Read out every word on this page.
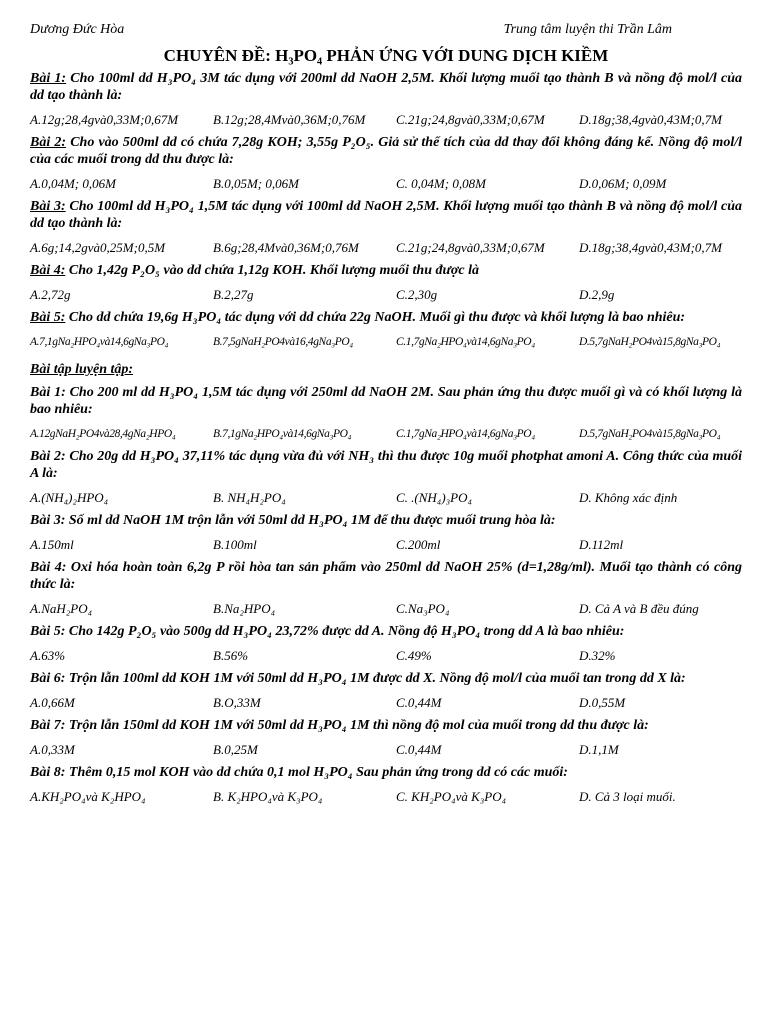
Dương Đức Hòa	Trung tâm luyện thi Trần Lâm
CHUYÊN ĐỀ: H₃PO₄ PHẢN ỨNG VỚI DUNG DỊCH KIỀM
Bài 1: Cho 100ml dd H₃PO₄ 3M tác dụng với 200ml dd NaOH 2,5M. Khối lượng muối tạo thành B và nồng độ mol/l của dd tạo thành là:
A.12g;28,4gvà0,33M;0,67M	B.12g;28,4Mvà0,36M;0,76M	C.21g;24,8gvà0,33M;0,67M	D.18g;38,4gvà0,43M;0,7M
Bài 2: Cho vào 500ml dd có chứa 7,28g KOH; 3,55g P₂O₅. Giả sử thể tích của dd thay đổi không đáng kể. Nồng độ mol/l của các muối trong dd thu được là:
A.0,04M; 0,06M	B.0,05M; 0,06M	C. 0,04M; 0,08M	D.0,06M; 0,09M
Bài 3: Cho 100ml dd H₃PO₄ 1,5M tác dụng với 100ml dd NaOH 2,5M. Khối lượng muối tạo thành B và nồng độ mol/l của dd tạo thành là:
A.6g;14,2gvà0,25M;0,5M	B.6g;28,4Mvà0,36M;0,76M	C.21g;24,8gvà0,33M;0,67M	D.18g;38,4gvà0,43M;0,7M
Bài 4: Cho 1,42g P₂O₅ vào dd chứa 1,12g KOH. Khối lượng muối thu được là
A.2,72g	B.2,27g	C.2,30g	D.2,9g
Bài 5: Cho dd chứa 19,6g H₃PO₄ tác dụng với dd chứa 22g NaOH. Muối gì thu được và khối lượng là bao nhiêu:
A.7,1gNa₂HPO₄và14,6gNa₃PO₄	B.7,5gNaH₂PO4và16,4gNa₃PO₄	C.1,7gNa₂HPO₄và14,6gNa₃PO₄	D.5,7gNaH₂PO4và15,8gNa₃PO₄
Bài tập luyện tập:
Bài 1: Cho 200 ml dd H₃PO₄ 1,5M tác dụng với 250ml dd NaOH 2M. Sau phản ứng thu được muối gì và có khối lượng là bao nhiêu:
A.12gNaH₂PO4và28,4gNa₂HPO₄	B.7,1gNa₂HPO₄và14,6gNa₃PO₄	C.1,7gNa₂HPO₄và14,6gNa₃PO₄	D.5,7gNaH₂PO4và15,8gNa₃PO₄
Bài 2: Cho 20g dd H₃PO₄ 37,11% tác dụng vừa đủ với NH₃ thì thu được 10g muối photphat amoni A. Công thức của muối A là:
A.(NH₄)₂HPO₄	B. NH₄H₂PO₄	C. .(NH₄)₃PO₄	D. Không xác định
Bài 3: Số ml dd NaOH 1M trộn lẫn với 50ml dd H₃PO₄ 1M để thu được muối trung hòa là:
A.150ml	B.100ml	C.200ml	D.112ml
Bài 4: Oxi hóa hoàn toàn 6,2g P rồi hòa tan sản phẩm vào 250ml dd NaOH 25% (d=1,28g/ml). Muối tạo thành có công thức là:
A.NaH₂PO₄	B.Na₂HPO₄	C.Na₃PO₄	D. Cả A và B đều đúng
Bài 5: Cho 142g P₂O₅ vào 500g dd H₃PO₄ 23,72% được dd A. Nồng độ H₃PO₄ trong dd A là bao nhiêu:
A.63%	B.56%	C.49%	D.32%
Bài 6: Trộn lẫn 100ml dd KOH 1M với 50ml dd H₃PO₄ 1M được dd X. Nồng độ mol/l của muối tan trong dd X là:
A.0,66M	B.O,33M	C.0,44M	D.0,55M
Bài 7: Trộn lẫn 150ml dd KOH 1M với 50ml dd H₃PO₄ 1M thì nồng độ mol của muối trong dd thu được là:
A.0,33M	B.0,25M	C.0,44M	D.1,1M
Bài 8: Thêm 0,15 mol KOH vào dd chứa 0,1 mol H₃PO₄ Sau phản ứng trong dd có các muối:
A.KH₂PO₄và K₂HPO₄	B. K₂HPO₄và K₃PO₄	C. KH₂PO₄và K₃PO₄	D. Cả 3 loại muối.
